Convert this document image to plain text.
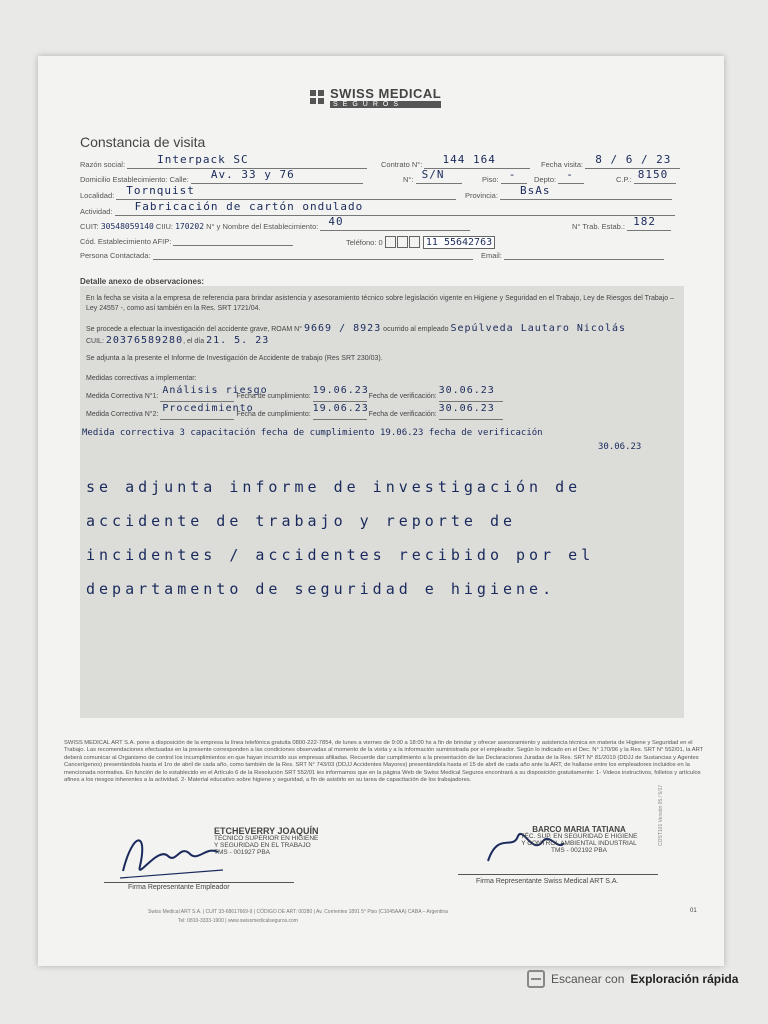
SWISS MEDICAL
SEGUROS
Constancia de visita
Razón social:	Interpack SC	Contrato N°: 144 164	Fecha visita: 8 / 6 / 23
Domicilio Establecimiento: Calle: Av. 33 y 76	N°: S/N	Piso: - Depto: -	C.P.: 8150
Localidad: Tornquist	Provincia: BsAs
Actividad: Fabricación de cartón ondulado
CUIT: 30548059140 CIIU: 170202 N° y Nombre del Establecimiento: 40	N° Trab. Estab.: 182
Cód. Establecimiento AFIP:	Teléfono: 0	11 55642763
Persona Contactada:	Email:
Detalle anexo de observaciones:
En la fecha se visita a la empresa de referencia para brindar asistencia y asesoramiento técnico sobre legislación vigente en Higiene y Seguridad en el Trabajo, Ley de Riesgos del Trabajo – Ley 24557 -, como así también en la Res. SRT 1721/04.
Se procede a efectuar la investigación del accidente grave, ROAM N° 9669 / 8923 ocurrido al empleado Sepúlveda Lautaro Nicolás
CUIL: 20376589280, el día 21. 5. 23
Se adjunta a la presente el Informe de Investigación de Accidente de trabajo (Res SRT 230/03).
Medidas correctivas a implementar:
Medida Correctiva N°1:
Análisis riesgo
Fecha de cumplimiento:
19.06.23
Fecha de verificación:
30.06.23
Medida Correctiva N°2:
Procedimiento
Fecha de cumplimiento:
19.06.23
Fecha de verificación:
30.06.23
Medida correctiva 3 capacitación fecha de cumplimiento 19.06.23 fecha de verificación
30.06.23
se adjunta informe de investigación de
accidente de trabajo y reporte de
incidentes / accidentes recibido por el
departamento de seguridad e higiene.
SWISS MEDICAL ART S.A. pone a disposición de la empresa la línea telefónica gratuita 0800-222-7854, de lunes a viernes de 9:00 a 18:00 hs a fin de brindar y ofrecer asesoramiento y asistencia técnica en materia de Higiene y Seguridad en el Trabajo. Las recomendaciones efectuadas en la presente corresponden a las condiciones observadas al momento de la visita y a la información suministrada por el empleador. Según lo indicado en el Dec. N° 170/96 y la Res. SRT N° 552/01, la ART deberá comunicar al Organismo de control los incumplimientos en que hayan incurrido sus empresas afiliadas. Recuerde dar cumplimiento a la presentación de las Declaraciones Juradas de la Res. SRT N° 81/2019 (DDJJ de Sustancias y Agentes Cancerígenos) presentándola hasta el 1ro de abril de cada año, como también de la Res. SRT N° 743/03 (DDJJ Accidentes Mayores) presentándola hasta el 15 de abril de cada año ante la ART, de hallarse entre los empleadores incluidos en la mencionada normativa. En función de lo establecido en el Artículo 6 de la Resolución SRT 552/01 les informamos que en la página Web de Swiss Medical Seguros encontrará a su disposición gratuitamente: 1- Videos instructivos, folletos y artículos afines a los riesgos inherentes a la actividad. 2- Material educativo sobre higiene y seguridad, a fin de asistirlo en su tarea de capacitación de los trabajadores.
ETCHEVERRY JOAQUÍN
TÉCNICO SUPERIOR EN HIGIENE
Y SEGURIDAD EN EL TRABAJO
TMS - 001927 PBA
Firma Representante Empleador
BARCO MARIA TATIANA
TÉC. SUP. EN SEGURIDAD E HIGIENE
Y CONTROL AMBIENTAL INDUSTRIAL
TMS - 002192 PBA
Firma Representante Swiss Medical ART S.A.
Swiss Medical ART S.A. | CUIT 33-68617669-9 | CÓDIGO DE ART: 00280 | Av. Corrientes 1891 5° Piso (C1045AAA) CABA – Argentina
Tel: 0810-3333-1900 | www.swissmedicalseguros.com
01
COST101 Versión 05 / 5/17
Escanear con Exploración rápida
